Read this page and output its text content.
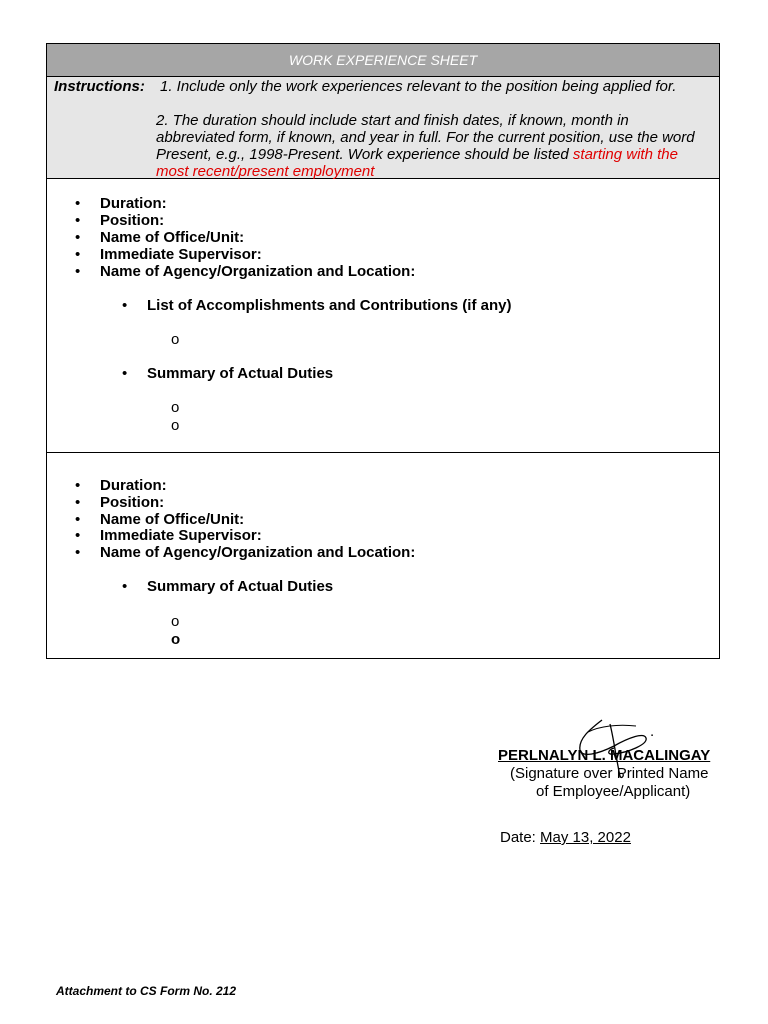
WORK EXPERIENCE SHEET
Instructions: 1. Include only the work experiences relevant to the position being applied for.
2. The duration should include start and finish dates, if known, month in
abbreviated form, if known, and year in full. For the current position, use the word
Present, e.g., 1998-Present. Work experience should be listed starting with the
most recent/present employment
• Duration:
• Position:
• Name of Office/Unit:
• Immediate Supervisor:
• Name of Agency/Organization and Location:
• List of Accomplishments and Contributions (if any)
o
• Summary of Actual Duties
o
o
• Duration:
• Position:
• Name of Office/Unit:
• Immediate Supervisor:
• Name of Agency/Organization and Location:
• Summary of Actual Duties
o
o
PERLNALYN L. MACALINGAY
(Signature over Printed Name
of Employee/Applicant)
.
Date: May 13, 2022
Attachment to CS Form No. 212
